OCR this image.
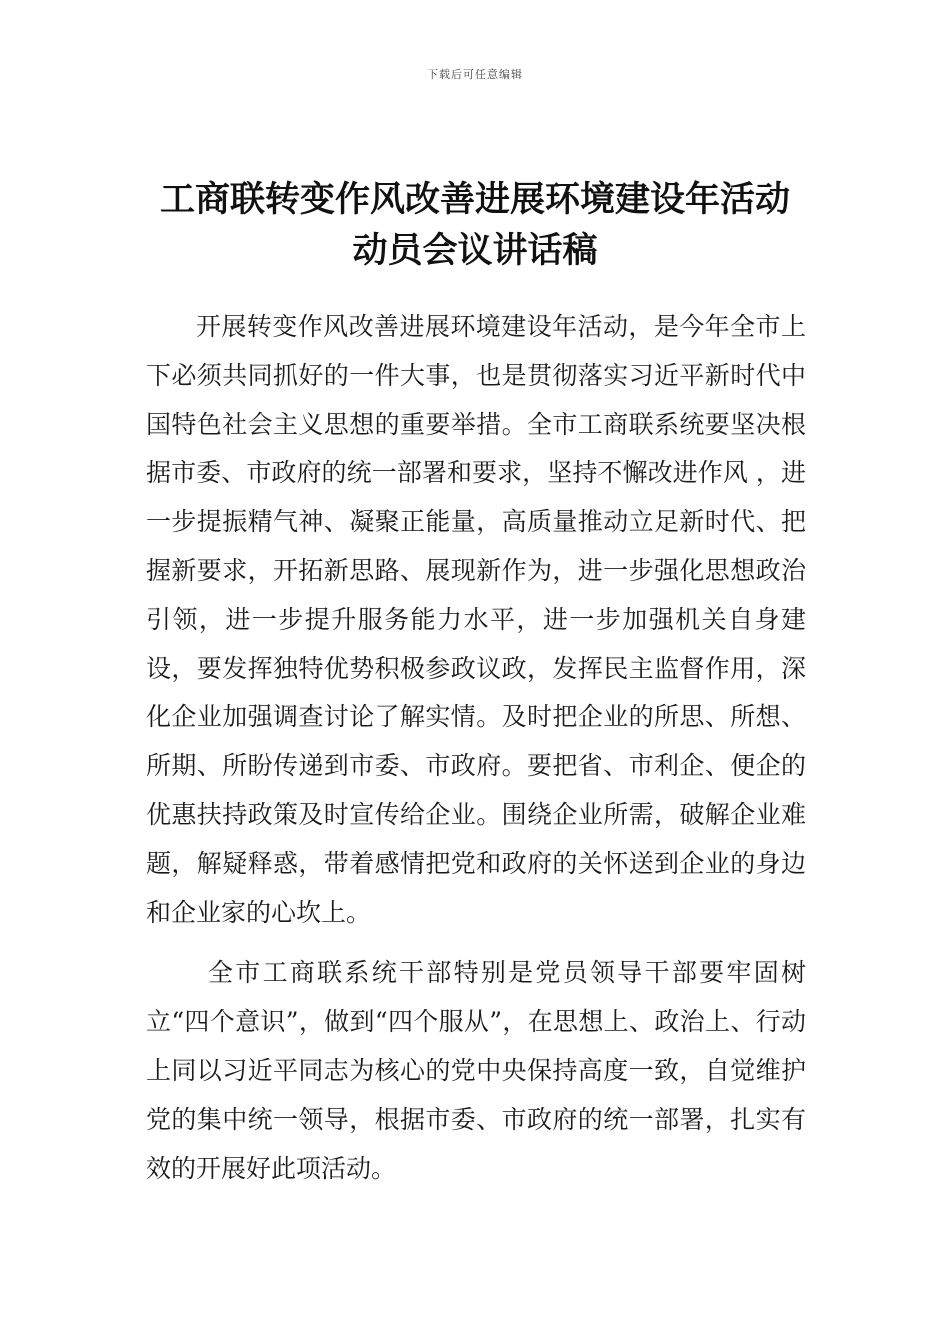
下载后可任意编辑
工商联转变作风改善进展环境建设年活动
动员会议讲话稿

开展转变作风改善进展环境建设年活动，是今年全市上下必须共同抓好的一件大事，也是贯彻落实习近平新时代中国特色社会主义思想的重要举措。全市工商联系统要坚决根据市委、市政府的统一部署和要求，坚持不懈改进作风 ，进一步提振精气神、凝聚正能量，高质量推动立足新时代、把握新要求，开拓新思路、展现新作为，进一步强化思想政治引领，进一步提升服务能力水平，进一步加强机关自身建设，要发挥独特优势积极参政议政，发挥民主监督作用，深化企业加强调查讨论了解实情。及时把企业的所思、所想、所期、所盼传递到市委、市政府。要把省、市利企、便企的优惠扶持政策及时宣传给企业。围绕企业所需，破解企业难题，解疑释惑，带着感情把党和政府的关怀送到企业的身边和企业家的心坎上。

全市工商联系统干部特别是党员领导干部要牢固树立“四个意识”，做到“四个服从”，在思想上、政治上、行动上同以习近平同志为核心的党中央保持高度一致，自觉维护党的集中统一领导，根据市委、市政府的统一部署，扎实有效的开展好此项活动。
